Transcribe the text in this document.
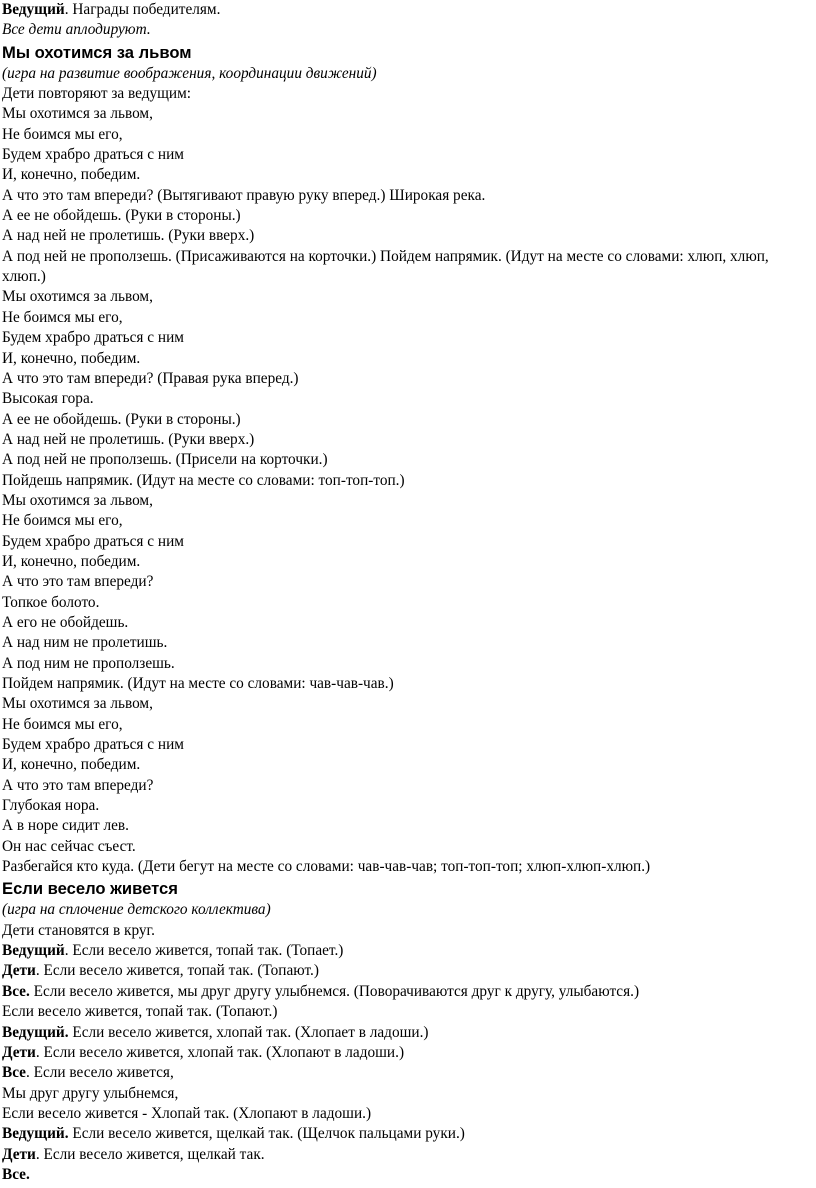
Ведущий. Награды победителям.
Все дети аплодируют.
Мы охотимся за львом
(игра на развитие воображения, координации движений)
Дети повторяют за ведущим:
Мы охотимся за львом,
Не боимся мы его,
Будем храбро драться с ним
И, конечно, победим.
А что это там впереди? (Вытягивают правую руку вперед.) Широкая река.
А ее не обойдешь. (Руки в стороны.)
А над ней не пролетишь. (Руки вверх.)
А под ней не проползешь. (Присаживаются на корточки.) Пойдем напрямик. (Идут на месте со словами: хлюп, хлюп, хлюп.)
Мы охотимся за львом,
Не боимся мы его,
Будем храбро драться с ним
И, конечно, победим.
А что это там впереди? (Правая рука вперед.)
Высокая гора.
А ее не обойдешь. (Руки в стороны.)
А над ней не пролетишь. (Руки вверх.)
А под ней не проползешь. (Присели на корточки.)
Пойдешь напрямик. (Идут на месте со словами: топ-топ-топ.)
Мы охотимся за львом,
Не боимся мы его,
Будем храбро драться с ним
И, конечно, победим.
А что это там впереди?
Топкое болото.
А его не обойдешь.
А над ним не пролетишь.
А под ним не проползешь.
Пойдем напрямик. (Идут на месте со словами: чав-чав-чав.)
Мы охотимся за львом,
Не боимся мы его,
Будем храбро драться с ним
И, конечно, победим.
А что это там впереди?
Глубокая нора.
А в норе сидит лев.
Он нас сейчас съест.
Разбегайся кто куда. (Дети бегут на месте со словами: чав-чав-чав; топ-топ-топ; хлюп-хлюп-хлюп.)
Если весело живется
(игра на сплочение детского коллектива)
Дети становятся в круг.
Ведущий. Если весело живется, топай так. (Топает.)
Дети. Если весело живется, топай так. (Топают.)
Все. Если весело живется, мы друг другу улыбнемся. (Поворачиваются друг к другу, улыбаются.)
Если весело живется, топай так. (Топают.)
Ведущий. Если весело живется, хлопай так. (Хлопает в ладоши.)
Дети. Если весело живется, хлопай так. (Хлопают в ладоши.)
Все. Если весело живется,
Мы друг другу улыбнемся,
Если весело живется - Хлопай так. (Хлопают в ладоши.)
Ведущий. Если весело живется, щелкай так. (Щелчок пальцами руки.)
Дети. Если весело живется, щелкай так.
Все.
